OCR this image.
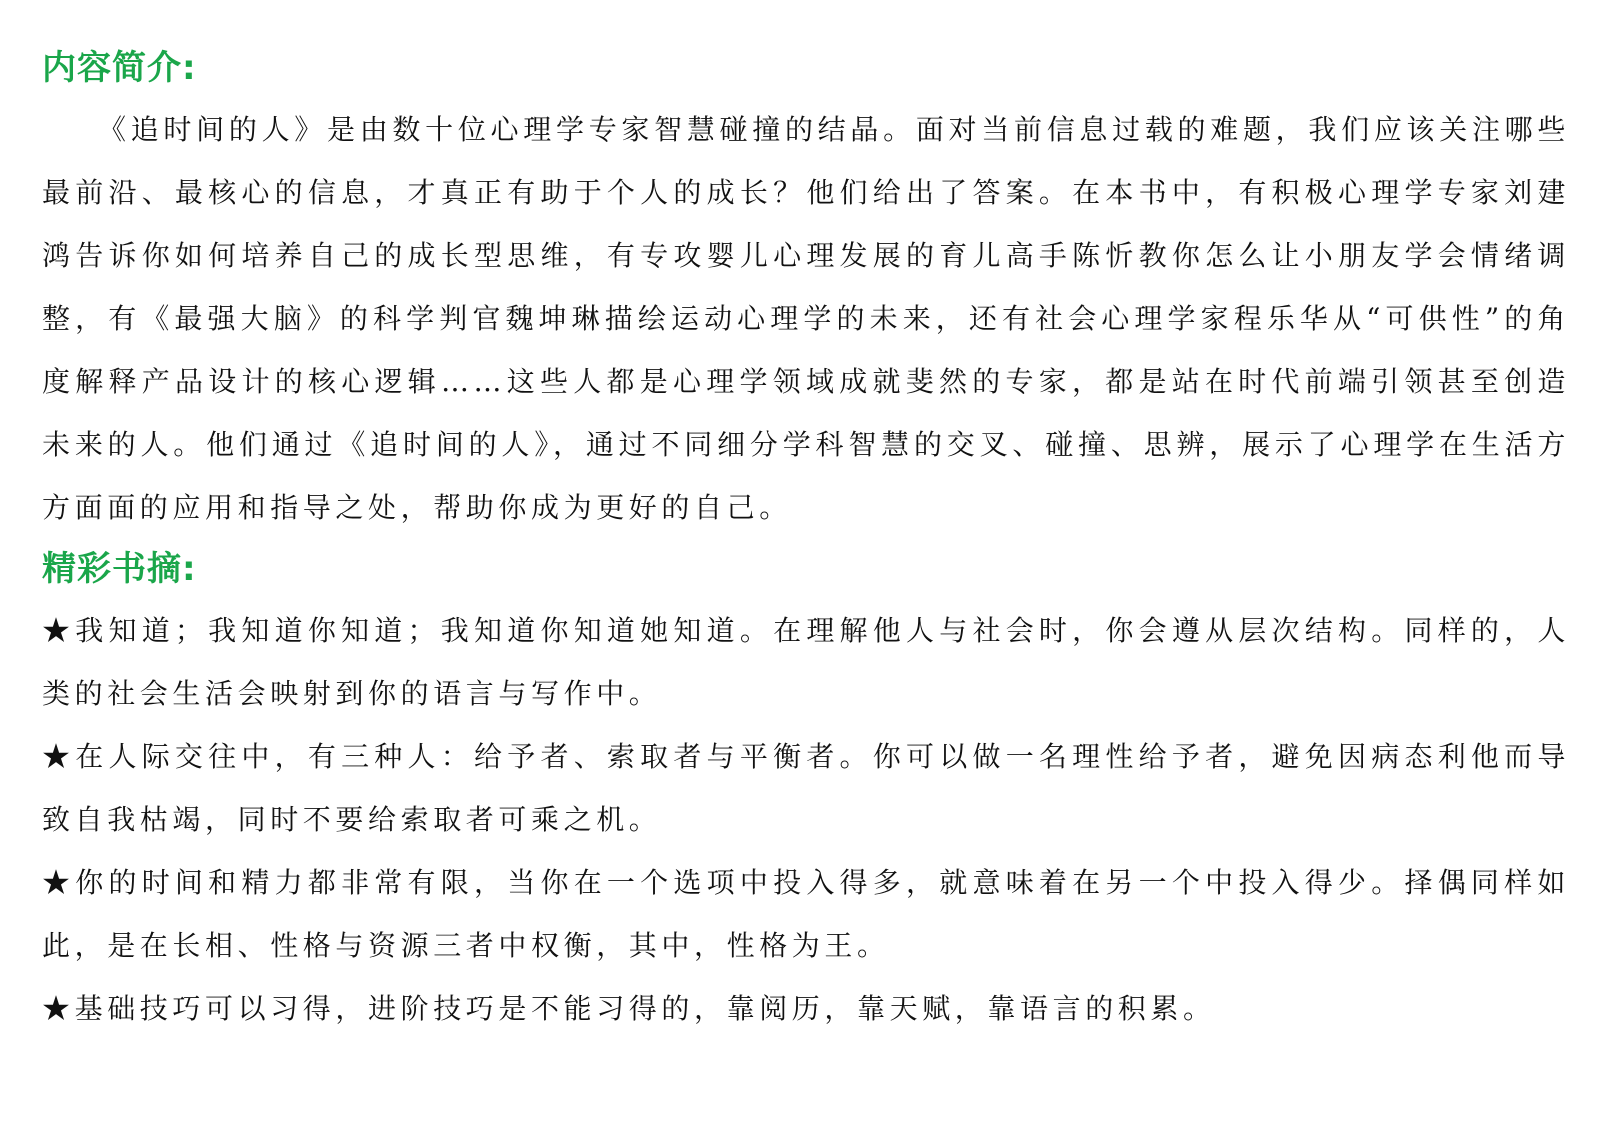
内容简介:

《追时间的人》是由数十位心理学专家智慧碰撞的结晶。面对当前信息过载的难题，我们应该关注哪些最前沿、最核心的信息，才真正有助于个人的成长？他们给出了答案。在本书中，有积极心理学专家刘建鸿告诉你如何培养自己的成长型思维，有专攻婴儿心理发展的育儿高手陈忻教你怎么让小朋友学会情绪调整，有《最强大脑》的科学判官魏坤琳描绘运动心理学的未来，还有社会心理学家程乐华从“可供性”的角度解释产品设计的核心逻辑……这些人都是心理学领域成就斐然的专家，都是站在时代前端引领甚至创造未来的人。他们通过《追时间的人》，通过不同细分学科智慧的交叉、碰撞、思辨，展示了心理学在生活方方面面的应用和指导之处，帮助你成为更好的自己。

精彩书摘:
★我知道；我知道你知道；我知道你知道她知道。在理解他人与社会时，你会遵从层次结构。同样的，人类的社会生活会映射到你的语言与写作中。
★在人际交往中，有三种人：给予者、索取者与平衡者。你可以做一名理性给予者，避免因病态利他而导致自我枯竭，同时不要给索取者可乘之机。
★你的时间和精力都非常有限，当你在一个选项中投入得多，就意味着在另一个中投入得少。择偶同样如此，是在长相、性格与资源三者中权衡，其中，性格为王。
★基础技巧可以习得，进阶技巧是不能习得的，靠阅历，靠天赋，靠语言的积累。
